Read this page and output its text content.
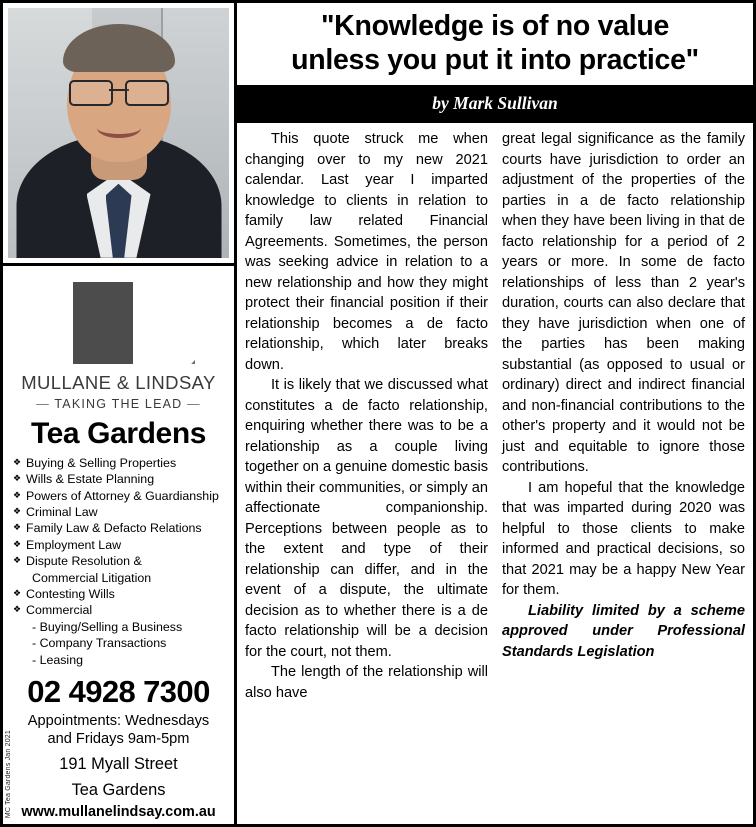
MULLANE & LINDSAY
— TAKING THE LEAD —
Tea Gardens
❖ Buying & Selling Properties
❖ Wills & Estate Planning
❖ Powers of Attorney & Guardianship
❖ Criminal Law
❖ Family Law & Defacto Relations
❖ Employment Law
❖ Dispute Resolution &
Commercial Litigation
❖ Contesting Wills
❖ Commercial
- Buying/Selling a Business
- Company Transactions
- Leasing
02 4928 7300
Appointments: Wednesdays
and Fridays 9am-5pm
191 Myall Street
Tea Gardens
www.mullanelindsay.com.au
MC Tea Gardens Jan 2021
"Knowledge is of no value
unless you put it into practice"
by Mark Sullivan

This quote struck me when changing over to my new 2021 calendar. Last year I imparted knowledge to clients in relation to family law related Financial Agreements. Sometimes, the person was seeking advice in relation to a new relationship and how they might protect their financial position if their relationship becomes a de facto relationship, which later breaks down.

It is likely that we discussed what constitutes a de facto relationship, enquiring whether there was to be a relationship as a couple living together on a genuine domestic basis within their communities, or simply an affectionate companionship. Perceptions between people as to the extent and type of their relationship can differ, and in the event of a dispute, the ultimate decision as to whether there is a de facto relationship will be a decision for the court, not them.

The length of the relationship will also have

great legal significance as the family courts have jurisdiction to order an adjustment of the properties of the parties in a de facto relationship when they have been living in that de facto relationship for a period of 2 years or more. In some de facto relationships of less than 2 year's duration, courts can also declare that they have jurisdiction when one of the parties has been making substantial (as opposed to usual or ordinary) direct and indirect financial and non-financial contributions to the other's property and it would not be just and equitable to ignore those contributions.

I am hopeful that the knowledge that was imparted during 2020 was helpful to those clients to make informed and practical decisions, so that 2021 may be a happy New Year for them.

Liability limited by a scheme approved under Professional Standards Legislation
